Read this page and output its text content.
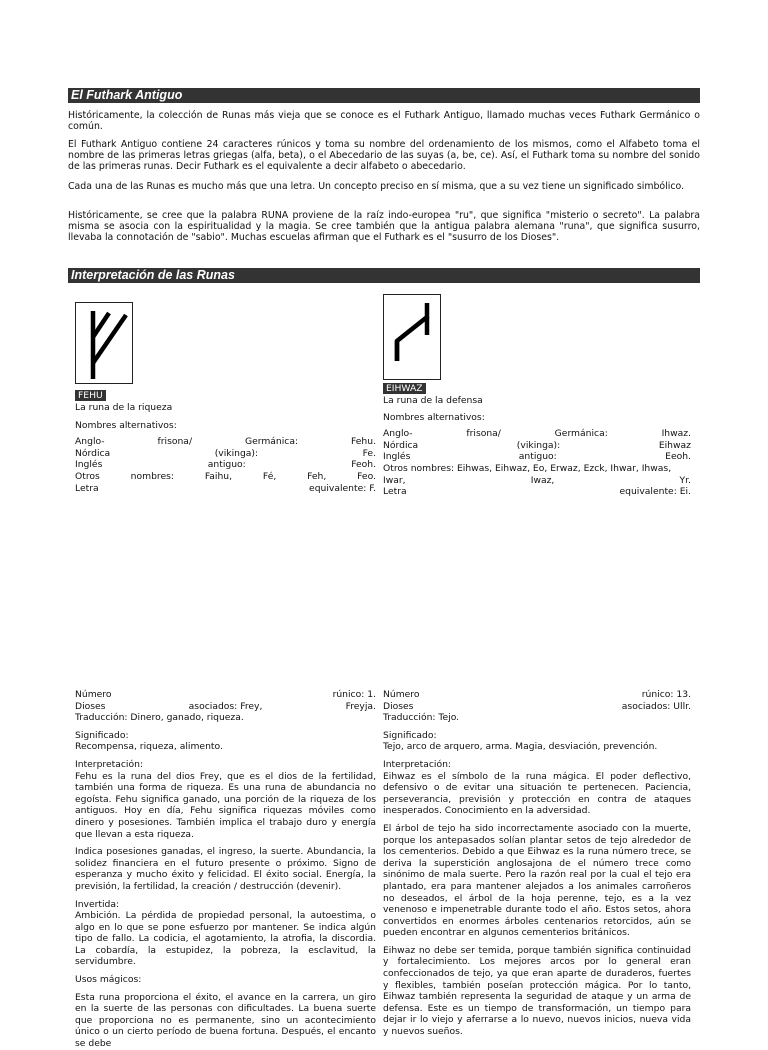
El Futhark Antiguo

Históricamente, la colección de Runas más vieja que se conoce es el Futhark Antiguo, llamado muchas veces Futhark Germánico o común.

El Futhark Antiguo contiene 24 caracteres rúnicos y toma su nombre del ordenamiento de los mismos, como el Alfabeto toma el nombre de las primeras letras griegas (alfa, beta), o el Abecedario de las suyas (a, be, ce). Así, el Futhark toma su nombre del sonido de las primeras runas. Decir Futhark es el equivalente a decir alfabeto o abecedario.

Cada una de las Runas es mucho más que una letra. Un concepto preciso en sí misma, que a su vez tiene un significado simbólico.

Históricamente, se cree que la palabra RUNA proviene de la raíz indo-europea "ru", que significa "misterio o secreto". La palabra misma se asocia con la espiritualidad y la magia. Se cree también que la antigua palabra alemana "runa", que significa susurro, llevaba la connotación de "sabio". Muchas escuelas afirman que el Futhark es el "susurro de los Dioses".

Interpretación de las Runas
FEHU
EIHWAZ

La runa de la riqueza

Nombres alternativos:

Anglo-	frisona/	Germánica:	Fehu.
Nórdica	(vikinga):	Fe.
Inglés	antiguo:	Feoh.
Otros	nombres:	Faihu,	Fé,	Feh,	Feo.
Letra	equivalente: F.

La runa de la defensa

Nombres alternativos:

Anglo-	frisona/	Germánica:	Ihwaz.
Nórdica	(vikinga):	Eihwaz
Inglés	antiguo:	Eeoh.
Otros nombres: Eihwas, Eihwaz, Eo, Erwaz, Ezck, Ihwar, Ihwas,
Iwar,	Iwaz,	Yr.
Letra	equivalente: Ei.
Número	rúnico: 1.
Dioses	asociados: Frey,	Freyja.

Traducción: Dinero, ganado, riqueza.

Significado:

Recompensa, riqueza, alimento.

Interpretación:

Fehu es la runa del dios Frey, que es el dios de la fertilidad, también una forma de riqueza. Es una runa de abundancia no egoísta. Fehu significa ganado, una porción de la riqueza de los antiguos. Hoy en día, Fehu significa riquezas móviles como dinero y posesiones. También implica el trabajo duro y energía que llevan a esta riqueza.

Indica posesiones ganadas, el ingreso, la suerte. Abundancia, la solidez financiera en el futuro presente o próximo. Signo de esperanza y mucho éxito y felicidad. El éxito social. Energía, la previsión, la fertilidad, la creación / destrucción (devenir).

Invertida:

Ambición. La pérdida de propiedad personal, la autoestima, o algo en lo que se pone esfuerzo por mantener. Se indica algún tipo de fallo. La codicia, el agotamiento, la atrofia, la discordia. La cobardía, la estupidez, la pobreza, la esclavitud, la servidumbre.

Usos mágicos:

Esta runa proporciona el éxito, el avance en la carrera, un giro en la suerte de las personas con dificultades. La buena suerte que proporciona no es permanente, sino un acontecimiento único o un cierto período de buena fortuna. Después, el encanto se debe

Número	rúnico: 13.
Dioses	asociados: Ullr.

Traducción: Tejo.

Significado:

Tejo, arco de arquero, arma. Magia, desviación, prevención.

Interpretación:

Eihwaz es el símbolo de la runa mágica. El poder deflectivo, defensivo o de evitar una situación te pertenecen. Paciencia, perseverancia, previsión y protección en contra de ataques inesperados. Conocimiento en la adversidad.

El árbol de tejo ha sido incorrectamente asociado con la muerte, porque los antepasados solían plantar setos de tejo alrededor de los cementerios. Debido a que Eihwaz es la runa número trece, se deriva la superstición anglosajona de el número trece como sinónimo de mala suerte. Pero la razón real por la cual el tejo era plantado, era para mantener alejados a los animales carroñeros no deseados, el árbol de la hoja perenne, tejo, es a la vez venenoso e impenetrable durante todo el año. Estos setos, ahora convertidos en enormes árboles centenarios retorcidos, aún se pueden encontrar en algunos cementerios británicos.

Eihwaz no debe ser temida, porque también significa continuidad y fortalecimiento. Los mejores arcos por lo general eran confeccionados de tejo, ya que eran aparte de duraderos, fuertes y flexibles, también poseían protección mágica. Por lo tanto, Eihwaz también representa la seguridad de ataque y un arma de defensa. Este es un tiempo de transformación, un tiempo para dejar ir lo viejo y aferrarse a lo nuevo, nuevos inicios, nueva vida y nuevos sueños.
